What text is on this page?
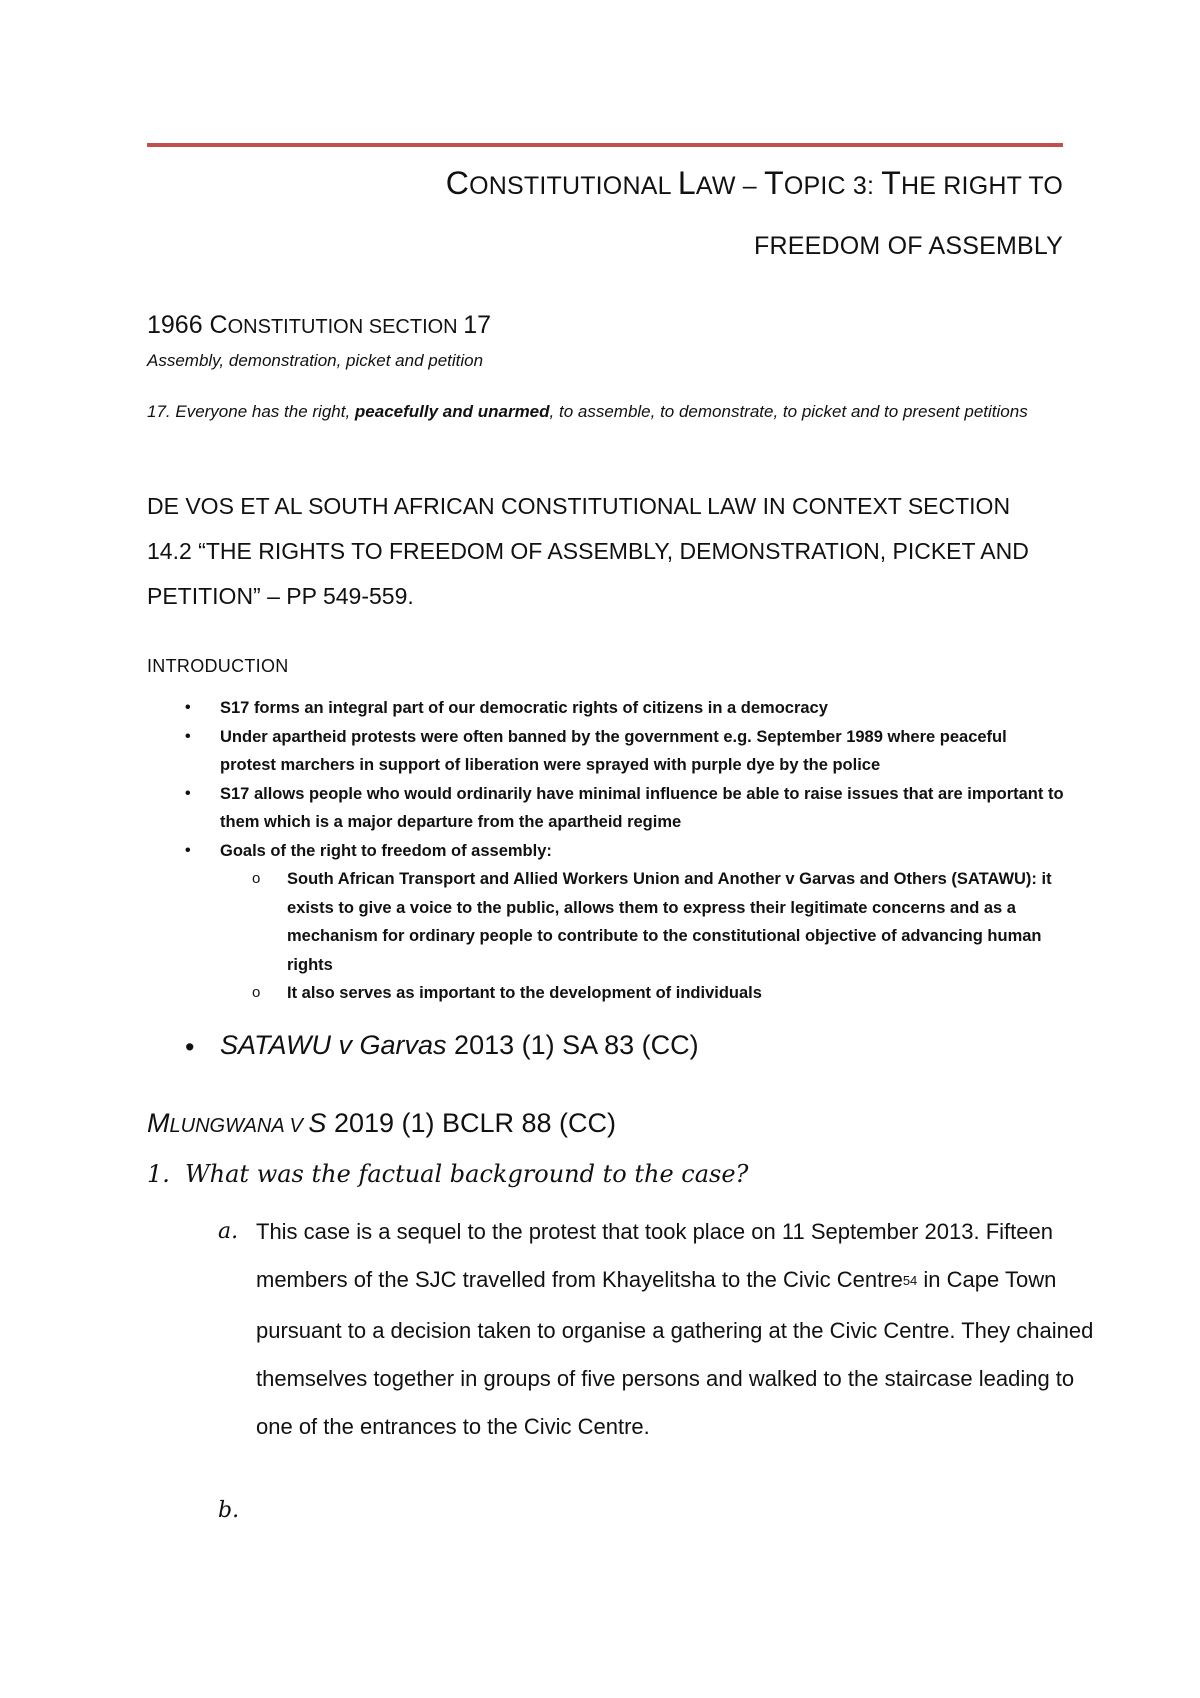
CONSTITUTIONAL LAW – TOPIC 3: THE RIGHT TO
FREEDOM OF ASSEMBLY
1966 CONSTITUTION SECTION 17
Assembly, demonstration, picket and petition
17. Everyone has the right, peacefully and unarmed, to assemble, to demonstrate, to picket and to present petitions
DE VOS ET AL SOUTH AFRICAN CONSTITUTIONAL LAW IN CONTEXT SECTION
14.2 “THE RIGHTS TO FREEDOM OF ASSEMBLY, DEMONSTRATION, PICKET AND
PETITION” – PP 549-559.
INTRODUCTION
• S17 forms an integral part of our democratic rights of citizens in a democracy
• Under apartheid protests were often banned by the government e.g. September 1989 where peaceful protest marchers in support of liberation were sprayed with purple dye by the police
• S17 allows people who would ordinarily have minimal influence be able to raise issues that are important to them which is a major departure from the apartheid regime
• Goals of the right to freedom of assembly:
o South African Transport and Allied Workers Union and Another v Garvas and Others (SATAWU): it exists to give a voice to the public, allows them to express their legitimate concerns and as a mechanism for ordinary people to contribute to the constitutional objective of advancing human rights
o It also serves as important to the development of individuals
• SATAWU v Garvas 2013 (1) SA 83 (CC)
MLUNGWANA V S 2019 (1) BCLR 88 (CC)
1. What was the factual background to the case?
a. This case is a sequel to the protest that took place on 11 September 2013. Fifteen members of the SJC travelled from Khayelitsha to the Civic Centre$^{54}$ in Cape Town pursuant to a decision taken to organise a gathering at the Civic Centre. They chained themselves together in groups of five persons and walked to the staircase leading to one of the entrances to the Civic Centre.
b.
